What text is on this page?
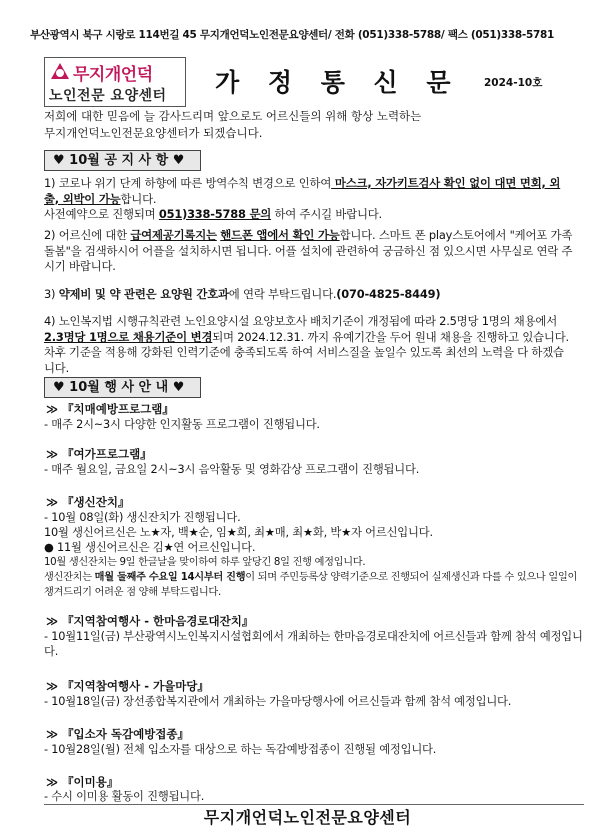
부산광역시 북구 시랑로 114번길 45 무지개언덕노인전문요양센터/ 전화 (051)338-5788/ 팩스 (051)338-5781
무지개언덕
노인전문 요양센터 가 정 통 신 문 2024-10호
저희에 대한 믿음에 늘 감사드리며 앞으로도 어르신들의 위해 항상 노력하는
무지개언덕노인전문요양센터가 되겠습니다.
♥ 10월 공 지 사 항 ♥
1) 코로나 위기 단계 하향에 따른 방역수칙 변경으로 인하여 마스크, 자가키트검사 확인 없이 대면 면회, 외출, 외박이 가능합니다.
사전예약으로 진행되며 051)338-5788 문의 하여 주시길 바랍니다.
2) 어르신에 대한 급여제공기록지는 핸드폰 앱에서 확인 가능합니다. 스마트 폰 play스토어에서 "케어포 가족 돌봄"을 검색하시어 어플을 설치하시면 됩니다. 어플 설치에 관련하여 궁금하신 점 있으시면 사무실로 연락 주시기 바랍니다.
3) 약제비 및 약 관련은 요양원 간호과에 연락 부탁드립니다.(070-4825-8449)
4) 노인복지법 시행규칙관련 노인요양시설 요양보호사 배치기준이 개정됨에 따라 2.5명당 1명의 채용에서 2.3명당 1명으로 채용기준이 변경되며 2024.12.31. 까지 유예기간을 두어 원내 채용을 진행하고 있습니다. 차후 기준을 적용해 강화된 인력기준에 충족되도록 하여 서비스질을 높일수 있도록 최선의 노력을 다 하겠습니다.
♥ 10월 행 사 안 내 ♥
≫ 『치매예방프로그램』
- 매주 2시~3시 다양한 인지활동 프로그램이 진행됩니다.
≫ 『여가프로그램』
- 매주 월요일, 금요일 2시~3시 음악활동 및 영화감상 프로그램이 진행됩니다.
≫ 『생신잔치』
- 10월 08일(화) 생신잔치가 진행됩니다.
10월 생신어르신은 노★자, 백★순, 임★희, 최★매, 최★화, 박★자 어르신입니다.
● 11월 생신어르신은 김★연 어르신입니다.
10월 생신잔치는 9일 한글날을 맞이하여 하루 앞당긴 8일 진행 예정입니다.
생신잔치는 매월 둘째주 수요일 14시부터 진행이 되며 주민등록상 양력기준으로 진행되어 실제생신과 다를 수 있으나 일일이 챙겨드리기 어려운 점 양해 부탁드립니다.
≫ 『지역참여행사 - 한마음경로대잔치』
- 10월11일(금) 부산광역시노인복지시설협회에서 개최하는 한마음경로대잔치에 어르신들과 함께 참석 예정입니다.
≫ 『지역참여행사 - 가을마당』
- 10월18일(금) 장선종합복지관에서 개최하는 가을마당행사에 어르신들과 함께 참석 예정입니다.
≫ 『입소자 독감예방접종』
- 10월28일(월) 전체 입소자를 대상으로 하는 독감예방접종이 진행될 예정입니다.
≫ 『이미용』
- 수시 이미용 활동이 진행됩니다.
무지개언덕노인전문요양센터
